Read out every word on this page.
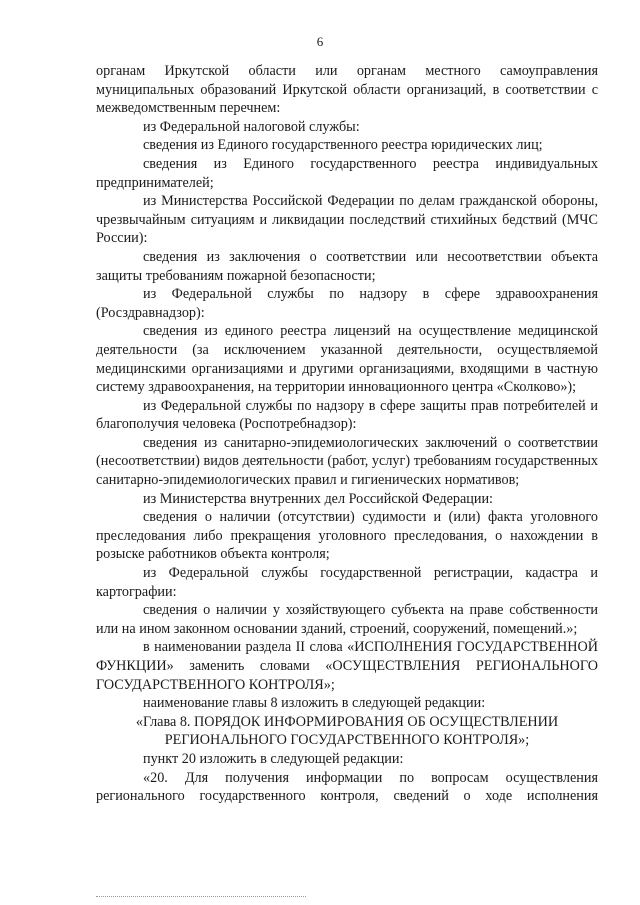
6

органам Иркутской области или органам местного самоуправления муниципальных образований Иркутской области организаций, в соответствии с межведомственным перечнем:

из Федеральной налоговой службы:

сведения из Единого государственного реестра юридических лиц;

сведения из Единого государственного реестра индивидуальных предпринимателей;

из Министерства Российской Федерации по делам гражданской обороны, чрезвычайным ситуациям и ликвидации последствий стихийных бедствий (МЧС России):

сведения из заключения о соответствии или несоответствии объекта защиты требованиям пожарной безопасности;

из Федеральной службы по надзору в сфере здравоохранения (Росздравнадзор):

сведения из единого реестра лицензий на осуществление медицинской деятельности (за исключением указанной деятельности, осуществляемой медицинскими организациями и другими организациями, входящими в частную систему здравоохранения, на территории инновационного центра «Сколково»);

из Федеральной службы по надзору в сфере защиты прав потребителей и благополучия человека (Роспотребнадзор):

сведения из санитарно-эпидемиологических заключений о соответствии (несоответствии) видов деятельности (работ, услуг) требованиям государственных санитарно-эпидемиологических правил и гигиенических нормативов;

из Министерства внутренних дел Российской Федерации:

сведения о наличии (отсутствии) судимости и (или) факта уголовного преследования либо прекращения уголовного преследования, о нахождении в розыске работников объекта контроля;

из Федеральной службы государственной регистрации, кадастра и картографии:

сведения о наличии у хозяйствующего субъекта на праве собственности или на ином законном основании зданий, строений, сооружений, помещений.»;

в наименовании раздела II слова «ИСПОЛНЕНИЯ ГОСУДАРСТВЕННОЙ ФУНКЦИИ» заменить словами «ОСУЩЕСТВЛЕНИЯ РЕГИОНАЛЬНОГО ГОСУДАРСТВЕННОГО КОНТРОЛЯ»;

наименование главы 8 изложить в следующей редакции:

«Глава 8. ПОРЯДОК ИНФОРМИРОВАНИЯ ОБ ОСУЩЕСТВЛЕНИИ
РЕГИОНАЛЬНОГО ГОСУДАРСТВЕННОГО КОНТРОЛЯ»;

пункт 20 изложить в следующей редакции:

«20. Для получения информации по вопросам осуществления регионального государственного контроля, сведений о ходе исполнения
